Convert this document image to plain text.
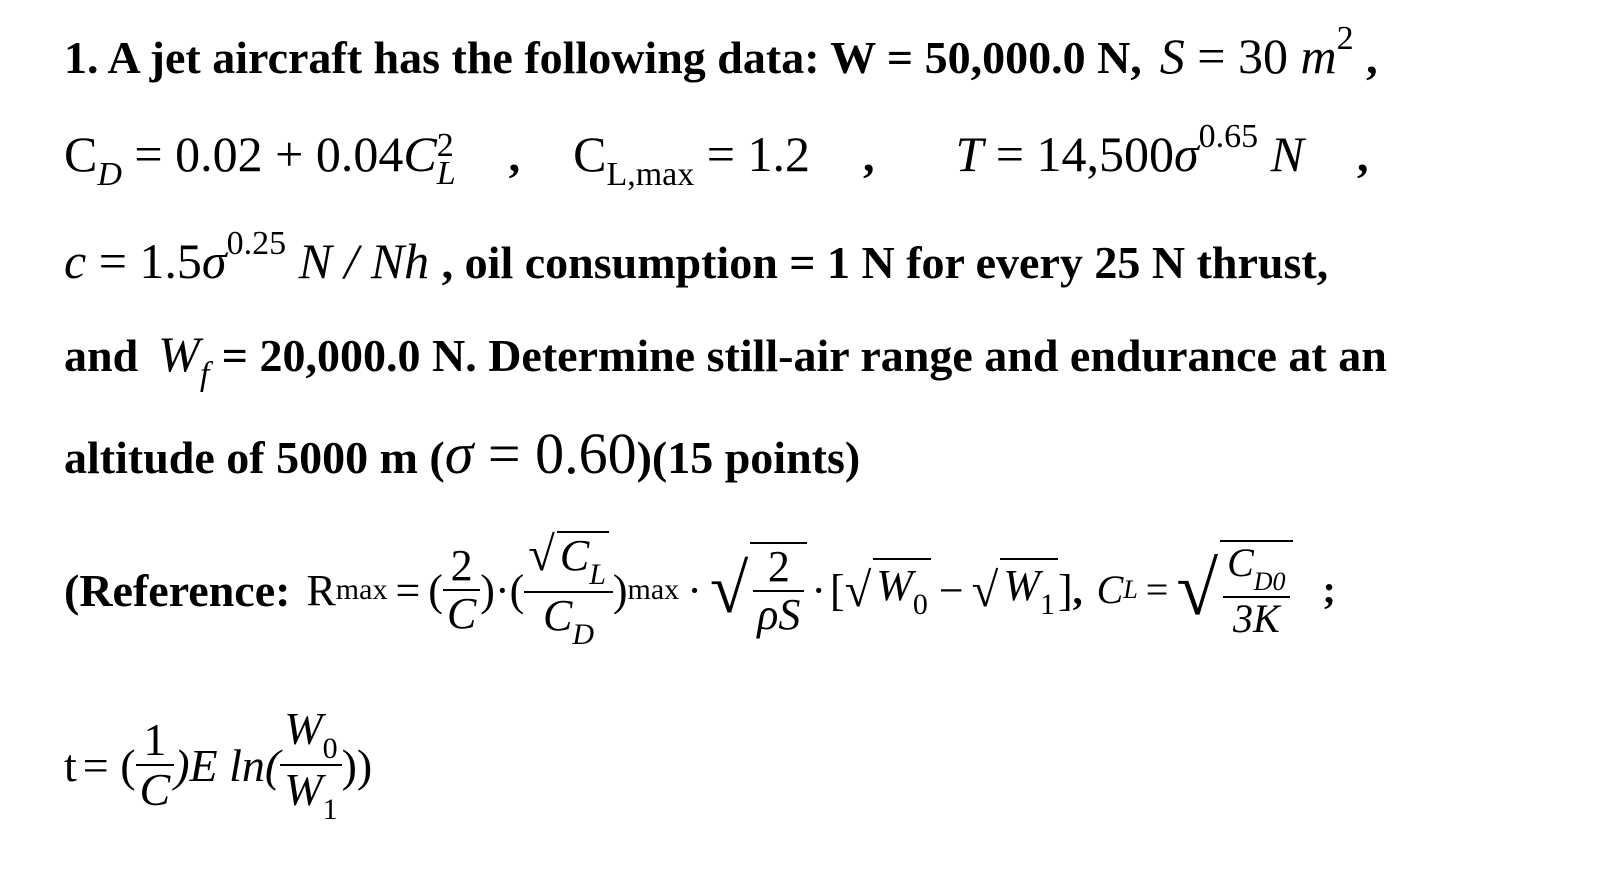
1. A jet aircraft has the following data: W = 50,000.0 N, S = 30 $m^2$ ,
$C_D = 0.02 + 0.04C$ 2
L , $C_{L,max} = 1.2$ , $T = 14,500\sigma^{0.65}$ N ,
$c = 1.5\sigma^{0.25}$ N / Nh , oil consumption = 1 N for every 25 N thrust,
and $W_f = 20,000.0$ N. Determine still-air range and endurance at an
altitude of 5000 m (σ = 0.60)(15 points)
(Reference: R max = ( $\frac{2}{C}$ ) · ( $\frac{√ C_L}{C_D}$ ) max · √ $\frac{2}{\rho S}$ · [ √ $W_0$ − √ $W_1$ ] , C L = √ $\frac{C_{D0}}{3K}$ ;
t = ( $\frac{1}{C} )E$ $\ln( \frac{W_0}{W_1}$ ))
